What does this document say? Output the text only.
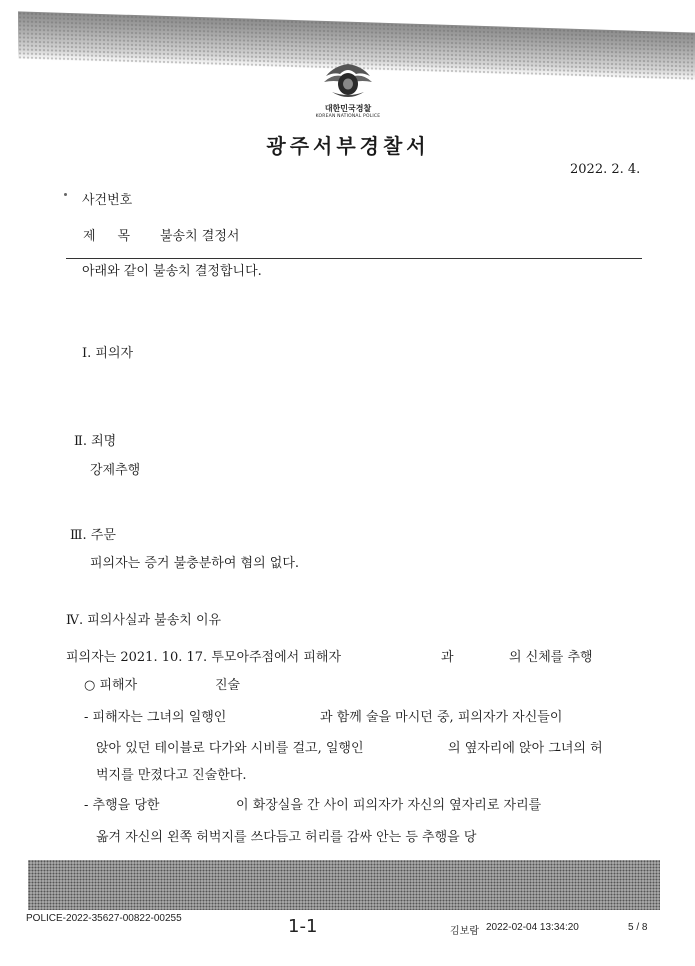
대한민국경찰
KOREAN NATIONAL POLICE
광주서부경찰서
2022. 2. 4.
사건번호
제목 불송치 결정서
아래와 같이 불송치 결정합니다.
Ⅰ. 피의자
Ⅱ. 죄명
강제추행
Ⅲ. 주문
피의자는 증거 불충분하여 혐의 없다.
Ⅳ. 피의사실과 불송치 이유
피의자는 2021. 10. 17. 투모아주점에서 피해자	과	의 신체를 추행
○ 피해자	진술
- 피해자는 그녀의 일행인	과 함께 술을 마시던 중, 피의자가 자신들이
앉아 있던 테이블로 다가와 시비를 걸고, 일행인	의 옆자리에 앉아 그녀의 허
벅지를 만졌다고 진술한다.
- 추행을 당한	이 화장실을 간 사이 피의자가 자신의 옆자리로 자리를
옮겨 자신의 왼쪽 허벅지를 쓰다듬고 허리를 감싸 안는 등 추행을 당
POLICE-2022-35627-00822-00255	1-1	김보람 2022-02-04 13:34:20	5 / 8
